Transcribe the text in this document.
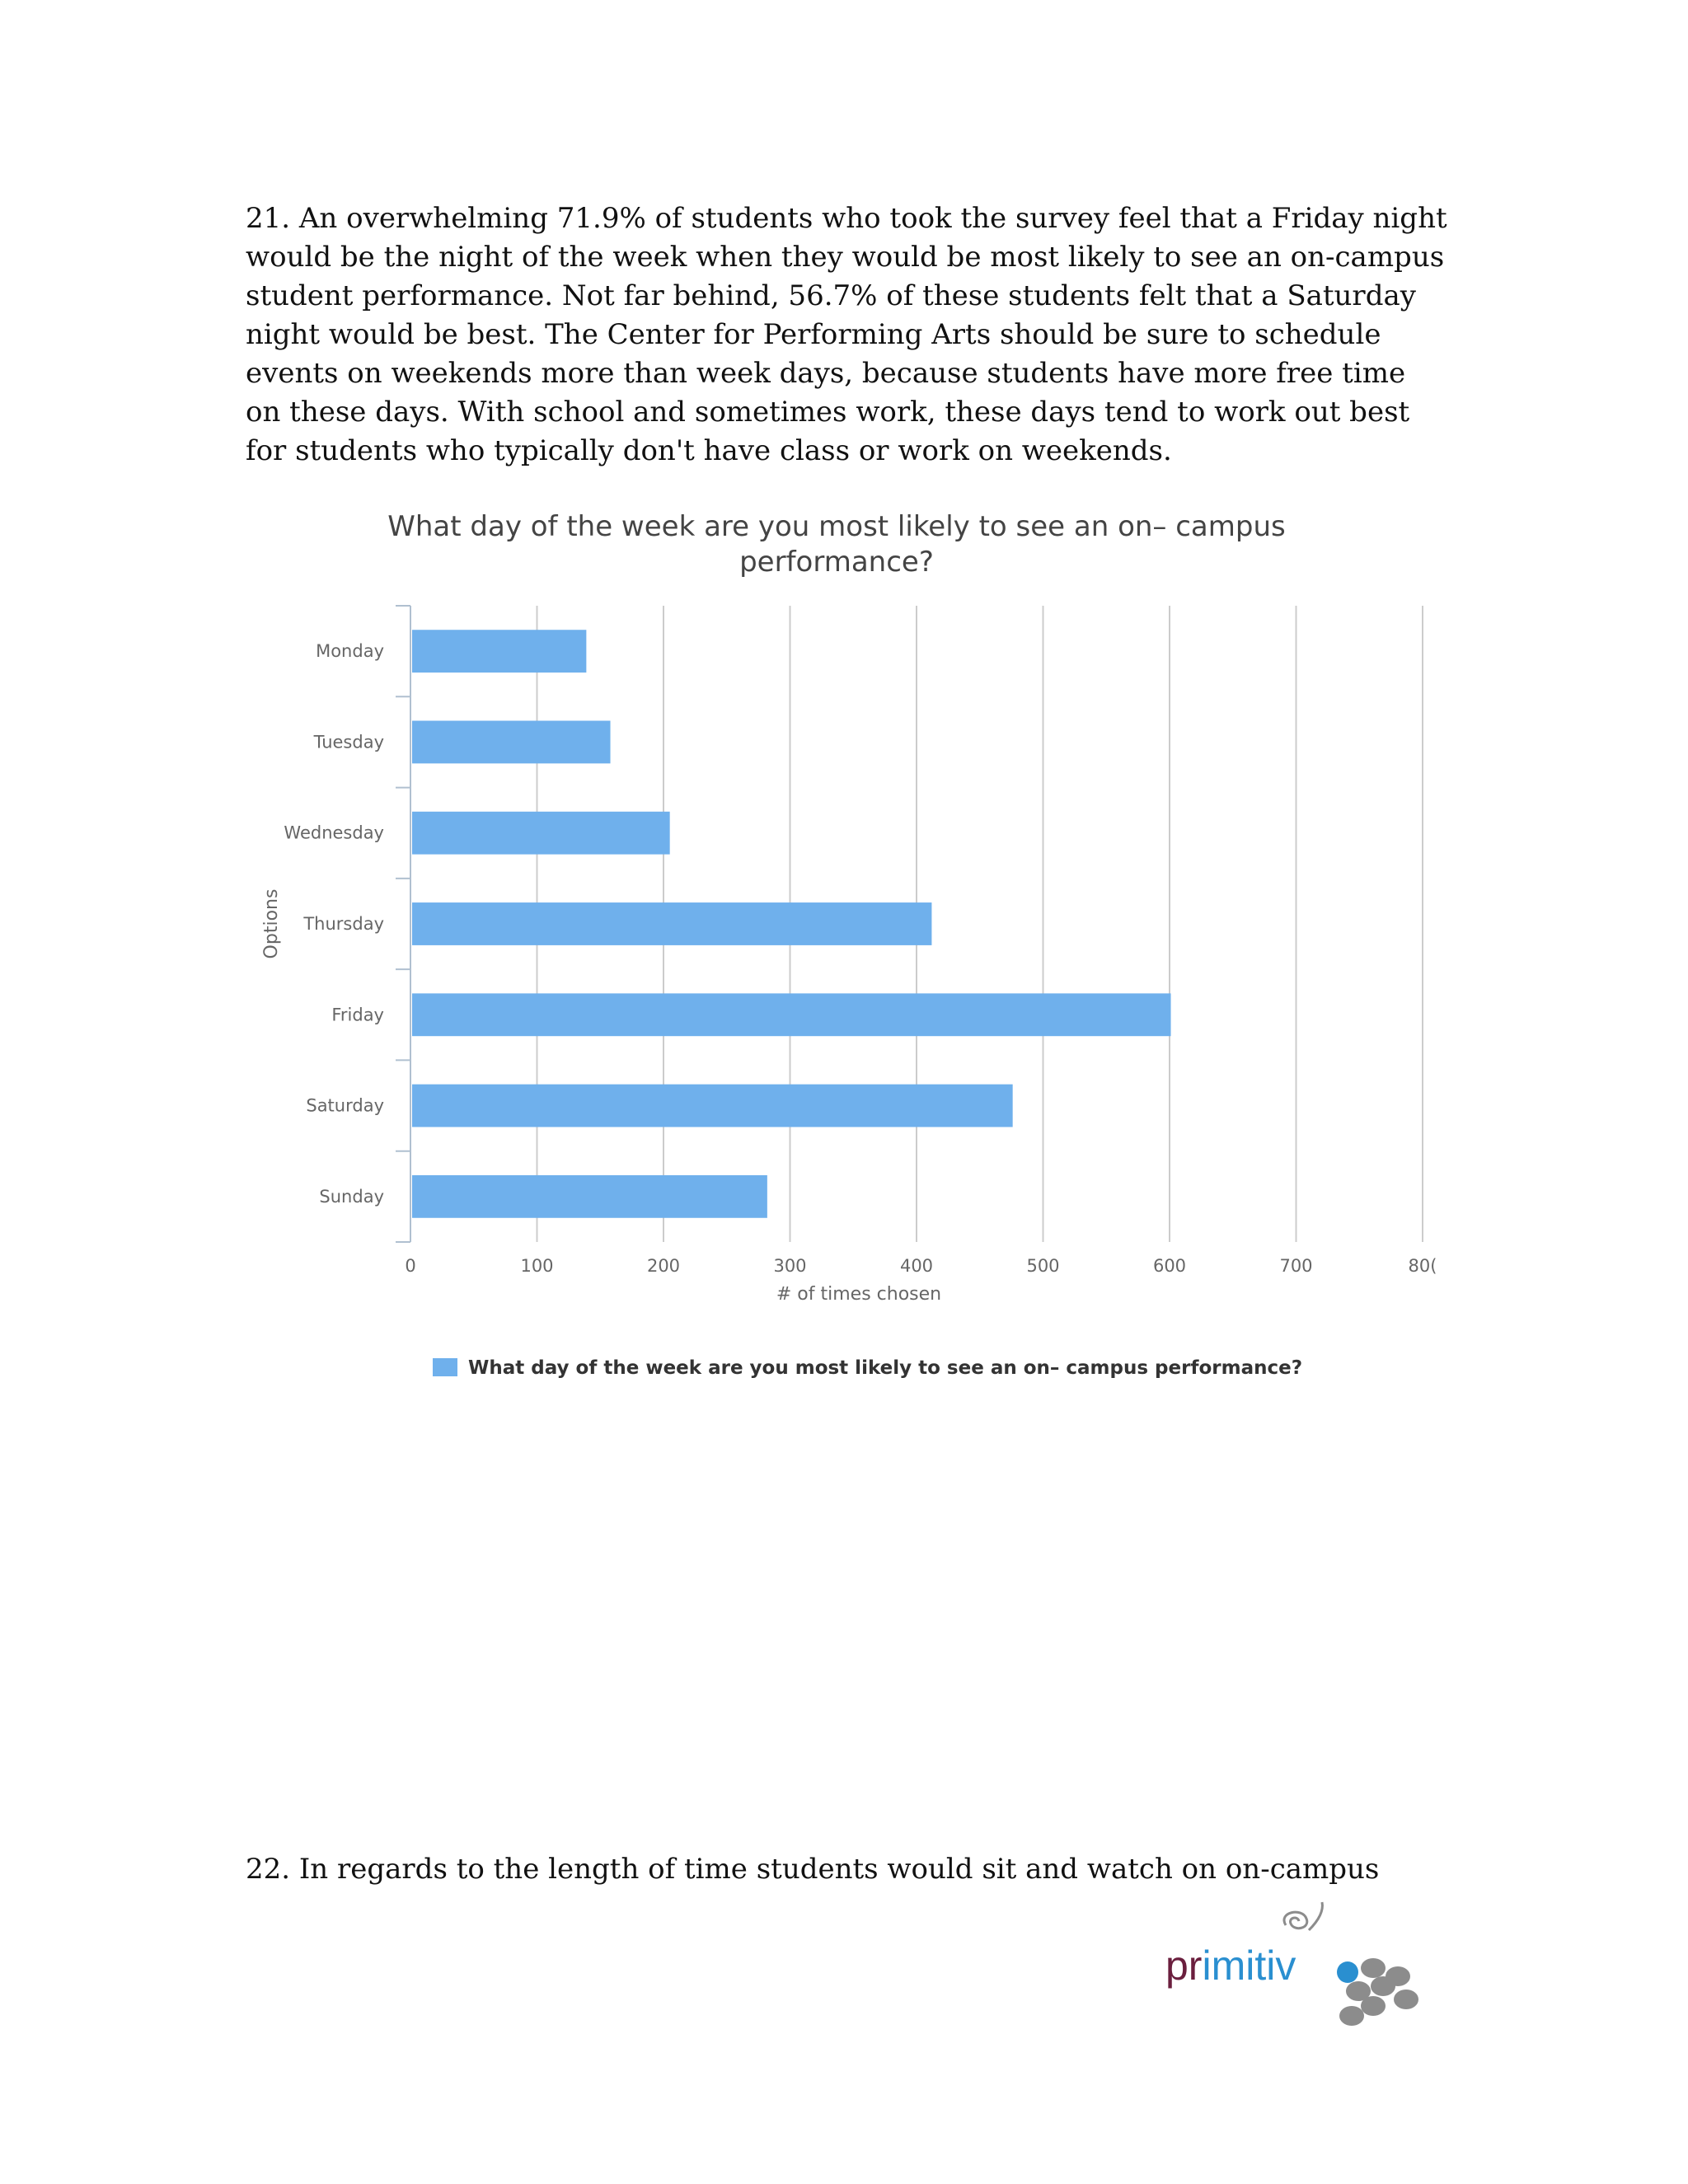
21. An overwhelming 71.9% of students who took the survey feel that a Friday night would be the night of the week when they would be most likely to see an on-campus student performance. Not far behind, 56.7% of these students felt that a Saturday night would be best. The Center for Performing Arts should be sure to schedule events on weekends more than week days, because students have more free time on these days. With school and sometimes work, these days tend to work out best for students who typically don't have class or work on weekends.

What day of the week are you most likely to see an on– campus
performance?
0	100	200	300	400	500	600	700	80(
Monday
Tuesday
Wednesday
Thursday
Friday
Saturday
Sunday
# of times chosen
Options
What day of the week are you most likely to see an on– campus performance?

22. In regards to the length of time students would sit and watch on on-campus

primitiv
